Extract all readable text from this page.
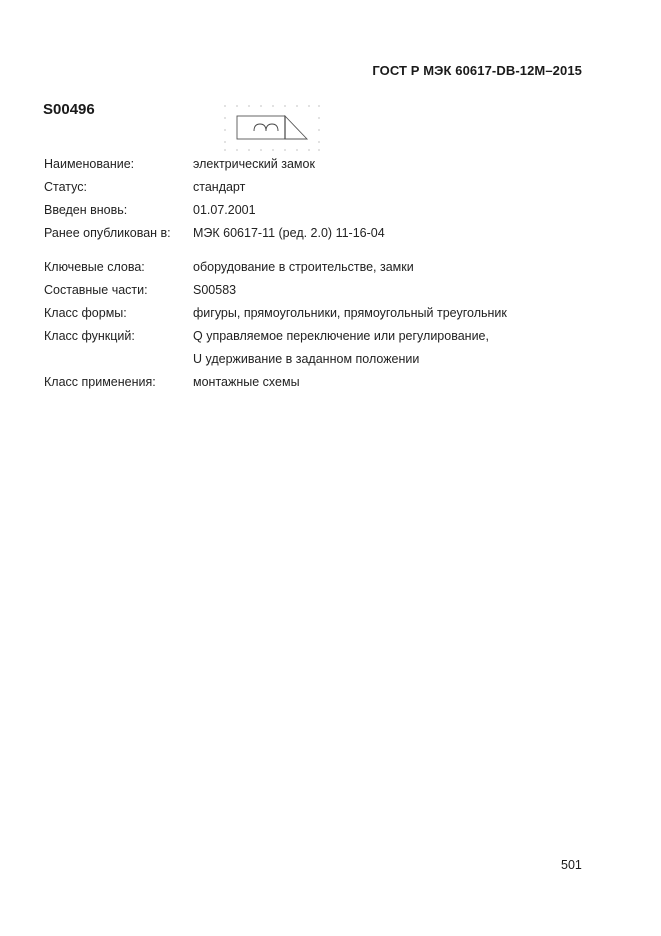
ГОСТ Р МЭК 60617-DB-12M–2015
S00496
Наименование:	электрический замок
Статус:	стандарт
Введен вновь:	01.07.2001
Ранее опубликован в:	МЭК 60617-11 (ред. 2.0) 11-16-04
Ключевые слова:	оборудование в строительстве, замки
Составные части:	S00583
Класс формы:	фигуры, прямоугольники, прямоугольный треугольник
Класс функций:	Q управляемое переключение или регулирование,
U удерживание в заданном положении
Класс применения:	монтажные схемы
501
